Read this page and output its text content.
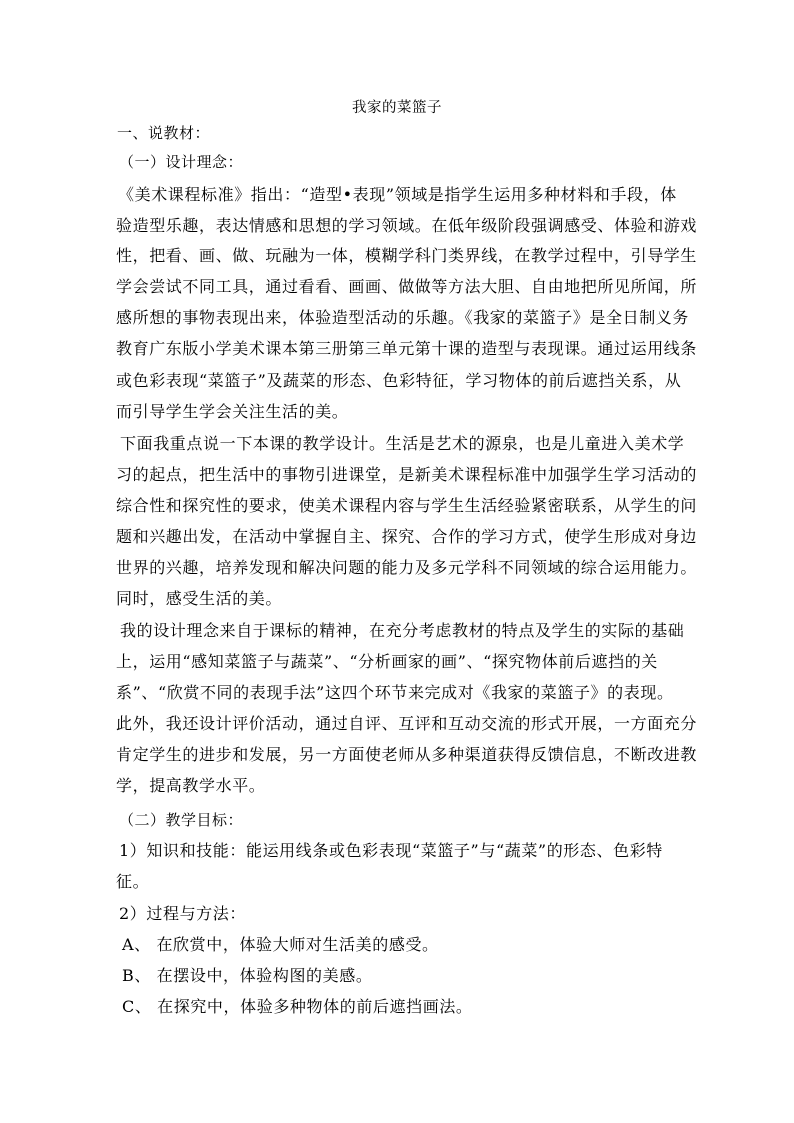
我家的菜篮子
一、说教材：
（一）设计理念：
《美术课程标准》指出：“造型•表现”领域是指学生运用多种材料和手段，体
验造型乐趣，表达情感和思想的学习领域。在低年级阶段强调感受、体验和游戏
性，把看、画、做、玩融为一体，模糊学科门类界线，在教学过程中，引导学生
学会尝试不同工具，通过看看、画画、做做等方法大胆、自由地把所见所闻，所
感所想的事物表现出来，体验造型活动的乐趣。《我家的菜篮子》是全日制义务
教育广东版小学美术课本第三册第三单元第十课的造型与表现课。通过运用线条
或色彩表现“菜篮子”及蔬菜的形态、色彩特征，学习物体的前后遮挡关系，从
而引导学生学会关注生活的美。
下面我重点说一下本课的教学设计。生活是艺术的源泉，也是儿童进入美术学
习的起点，把生活中的事物引进课堂，是新美术课程标准中加强学生学习活动的
综合性和探究性的要求，使美术课程内容与学生生活经验紧密联系，从学生的问
题和兴趣出发，在活动中掌握自主、探究、合作的学习方式，使学生形成对身边
世界的兴趣，培养发现和解决问题的能力及多元学科不同领域的综合运用能力。
同时，感受生活的美。
我的设计理念来自于课标的精神，在充分考虑教材的特点及学生的实际的基础
上，运用“感知菜篮子与蔬菜”、“分析画家的画”、“探究物体前后遮挡的关
系”、“欣赏不同的表现手法”这四个环节来完成对《我家的菜篮子》的表现。
此外，我还设计评价活动，通过自评、互评和互动交流的形式开展，一方面充分
肯定学生的进步和发展，另一方面使老师从多种渠道获得反馈信息，不断改进教
学，提高教学水平。
（二）教学目标：
1）知识和技能：能运用线条或色彩表现“菜篮子”与“蔬菜”的形态、色彩特
征。
2）过程与方法：
A、 在欣赏中，体验大师对生活美的感受。
B、 在摆设中，体验构图的美感。
C、 在探究中，体验多种物体的前后遮挡画法。
